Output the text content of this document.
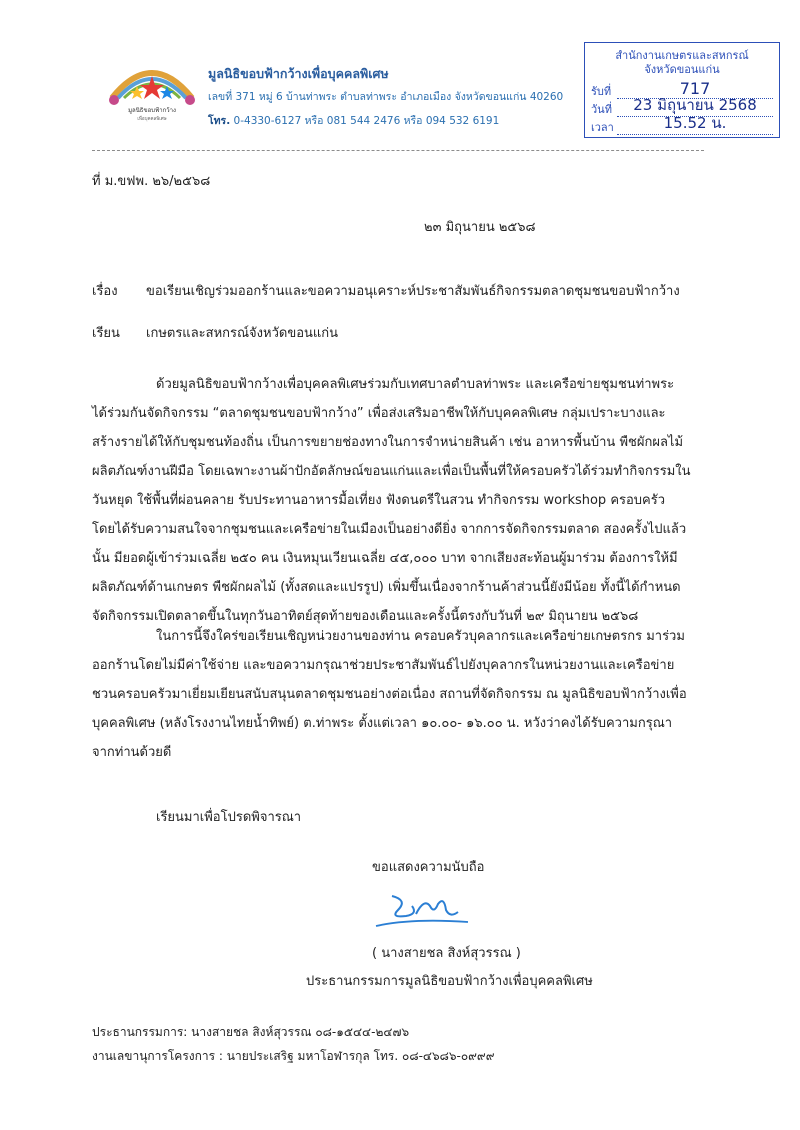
มูลนิธิขอบฟ้ากว้าง
เพื่อบุคคลพิเศษ
มูลนิธิขอบฟ้ากว้างเพื่อบุคคลพิเศษ
เลขที่ 371 หมู่ 6 บ้านท่าพระ ตำบลท่าพระ อำเภอเมือง จังหวัดขอนแก่น 40260
โทร. 0-4330-6127 หรือ 081 544 2476 หรือ 094 532 6191
สำนักงานเกษตรและสหกรณ์
จังหวัดขอนแก่น
รับที่	717
วันที่	23 มิถุนายน 2568
เวลา	15.52 น.
ที่ ม.ขฟพ. ๒๖/๒๕๖๘
๒๓ มิถุนายน ๒๕๖๘
เรื่อง ขอเรียนเชิญร่วมออกร้านและขอความอนุเคราะห์ประชาสัมพันธ์กิจกรรมตลาดชุมชนขอบฟ้ากว้าง
เรียน เกษตรและสหกรณ์จังหวัดขอนแก่น
ด้วยมูลนิธิขอบฟ้ากว้างเพื่อบุคคลพิเศษร่วมกับเทศบาลตำบลท่าพระ และเครือข่ายชุมชนท่าพระ
ได้ร่วมกันจัดกิจกรรม “ตลาดชุมชนขอบฟ้ากว้าง” เพื่อส่งเสริมอาชีพให้กับบุคคลพิเศษ กลุ่มเปราะบางและ
สร้างรายได้ให้กับชุมชนท้องถิ่น เป็นการขยายช่องทางในการจำหน่ายสินค้า เช่น อาหารพื้นบ้าน พืชผักผลไม้
ผลิตภัณฑ์งานฝีมือ โดยเฉพาะงานผ้าปักอัตลักษณ์ขอนแก่นและเพื่อเป็นพื้นที่ให้ครอบครัวได้ร่วมทำกิจกรรมใน
วันหยุด ใช้พื้นที่ผ่อนคลาย รับประทานอาหารมื้อเที่ยง ฟังดนตรีในสวน ทำกิจกรรม workshop ครอบครัว
โดยได้รับความสนใจจากชุมชนและเครือข่ายในเมืองเป็นอย่างดียิ่ง จากการจัดกิจกรรมตลาด สองครั้งไปแล้ว
นั้น มียอดผู้เข้าร่วมเฉลี่ย ๒๕๐ คน เงินหมุนเวียนเฉลี่ย ๔๕,๐๐๐ บาท จากเสียงสะท้อนผู้มาร่วม ต้องการให้มี
ผลิตภัณฑ์ด้านเกษตร พืชผักผลไม้ (ทั้งสดและแปรรูป) เพิ่มขึ้นเนื่องจากร้านค้าส่วนนี้ยังมีน้อย ทั้งนี้ได้กำหนด
จัดกิจกรรมเปิดตลาดขึ้นในทุกวันอาทิตย์สุดท้ายของเดือนและครั้งนี้ตรงกับวันที่ ๒๙ มิถุนายน ๒๕๖๘
ในการนี้จึงใคร่ขอเรียนเชิญหน่วยงานของท่าน ครอบครัวบุคลากรและเครือข่ายเกษตรกร มาร่วม
ออกร้านโดยไม่มีค่าใช้จ่าย และขอความกรุณาช่วยประชาสัมพันธ์ไปยังบุคลากรในหน่วยงานและเครือข่าย
ชวนครอบครัวมาเยี่ยมเยียนสนับสนุนตลาดชุมชนอย่างต่อเนื่อง สถานที่จัดกิจกรรม ณ มูลนิธิขอบฟ้ากว้างเพื่อ
บุคคลพิเศษ (หลังโรงงานไทยน้ำทิพย์) ต.ท่าพระ ตั้งแต่เวลา ๑๐.๐๐- ๑๖.๐๐ น. หวังว่าคงได้รับความกรุณา
จากท่านด้วยดี
เรียนมาเพื่อโปรดพิจารณา
ขอแสดงความนับถือ
( นางสายชล สิงห์สุวรรณ )
ประธานกรรมการมูลนิธิขอบฟ้ากว้างเพื่อบุคคลพิเศษ
ประธานกรรมการ: นางสายชล สิงห์สุวรรณ ๐๘-๑๕๔๔-๒๔๗๖
งานเลขานุการโครงการ : นายประเสริฐ มหาโอฬารกุล โทร. ๐๘-๔๖๘๖-๐๙๙๙
